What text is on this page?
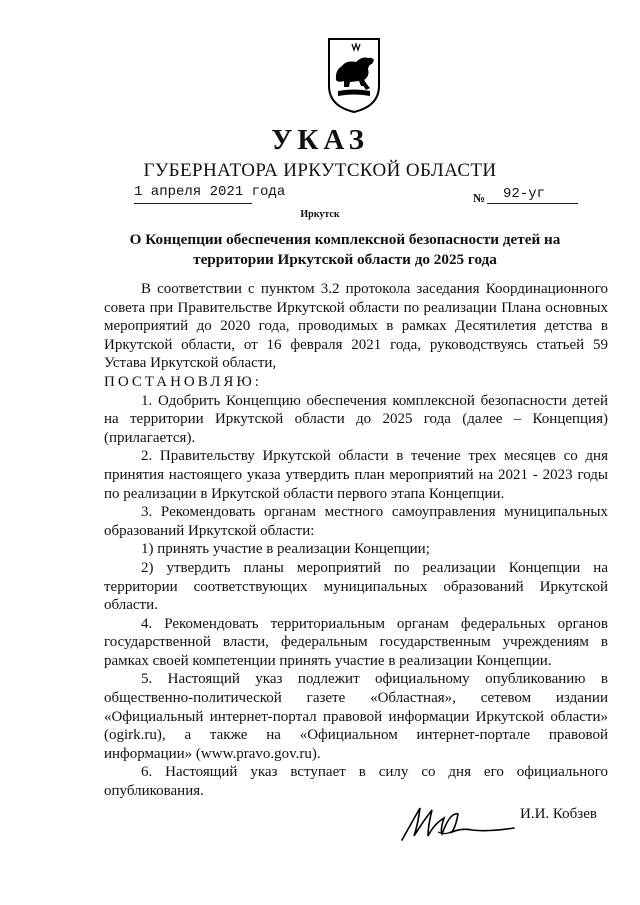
УКАЗ
ГУБЕРНАТОРА ИРКУТСКОЙ ОБЛАСТИ
1 апреля 2021 года	№ 92-уг
Иркутск
О Концепции обеспечения комплексной безопасности детей на территории Иркутской области до 2025 года

В соответствии с пунктом 3.2 протокола заседания Координационного совета при Правительстве Иркутской области по реализации Плана основных мероприятий до 2020 года, проводимых в рамках Десятилетия детства в Иркутской области, от 16 февраля 2021 года, руководствуясь статьей 59 Устава Иркутской области,

ПОСТАНОВЛЯЮ:

1. Одобрить Концепцию обеспечения комплексной безопасности детей на территории Иркутской области до 2025 года (далее – Концепция) (прилагается).

2. Правительству Иркутской области в течение трех месяцев со дня принятия настоящего указа утвердить план мероприятий на 2021 - 2023 годы по реализации в Иркутской области первого этапа Концепции.

3. Рекомендовать органам местного самоуправления муниципальных образований Иркутской области:

1) принять участие в реализации Концепции;

2) утвердить планы мероприятий по реализации Концепции на территории соответствующих муниципальных образований Иркутской области.

4. Рекомендовать территориальным органам федеральных органов государственной власти, федеральным государственным учреждениям в рамках своей компетенции принять участие в реализации Концепции.

5. Настоящий указ подлежит официальному опубликованию в общественно-политической газете «Областная», сетевом издании «Официальный интернет-портал правовой информации Иркутской области» (ogirk.ru), а также на «Официальном интернет-портале правовой информации» (www.pravo.gov.ru).

6. Настоящий указ вступает в силу со дня его официального опубликования.

И.И. Кобзев
